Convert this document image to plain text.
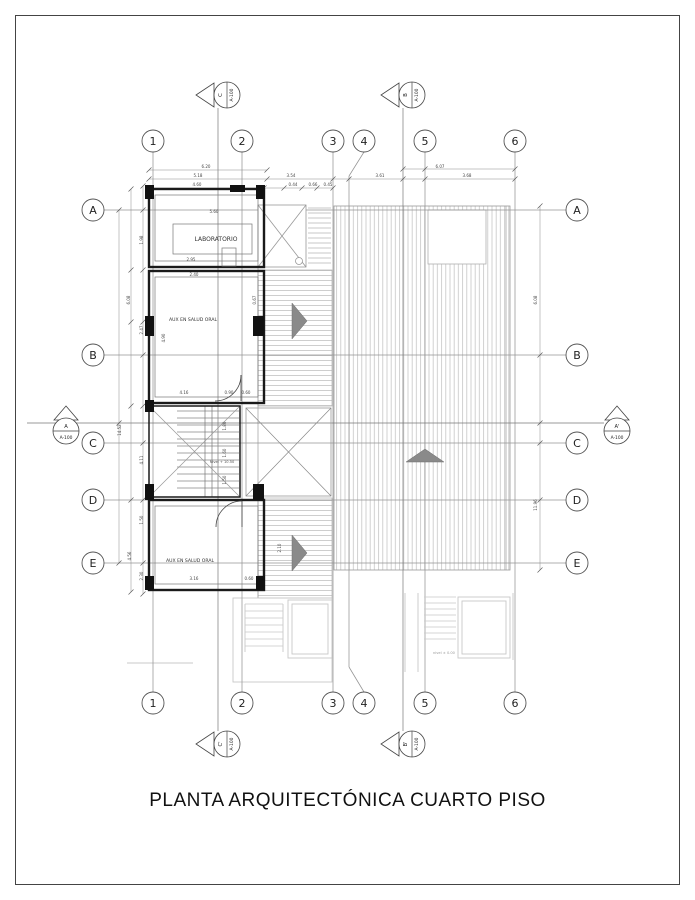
1
1
2
2
3
3
4
4
5
5
6
6
A	A
B	B
C	C
D	D
E	E
C A-100	B A-100
C' A-100	B' A-100
A
A-100
A'
A-100
LABORATORIO
AUX EN SALUD ORAL
AUX EN SALUD ORAL
Nivel + 10.50
nivel ± 0.00
6.20	6.07
5.18	3.54	3.61	3.68
4.60	0.44	0.66 0.45
5.60
2.95
2.40
4.16	0.90 0.60
3.16	0.60
1.98
6.08
2.47
4.90
14.52
4.11
1.50
4.56
2.30
1.80
1.60
1.50
0.67
2.10
6.08
11.96
PLANTA ARQUITECTÓNICA CUARTO PISO
